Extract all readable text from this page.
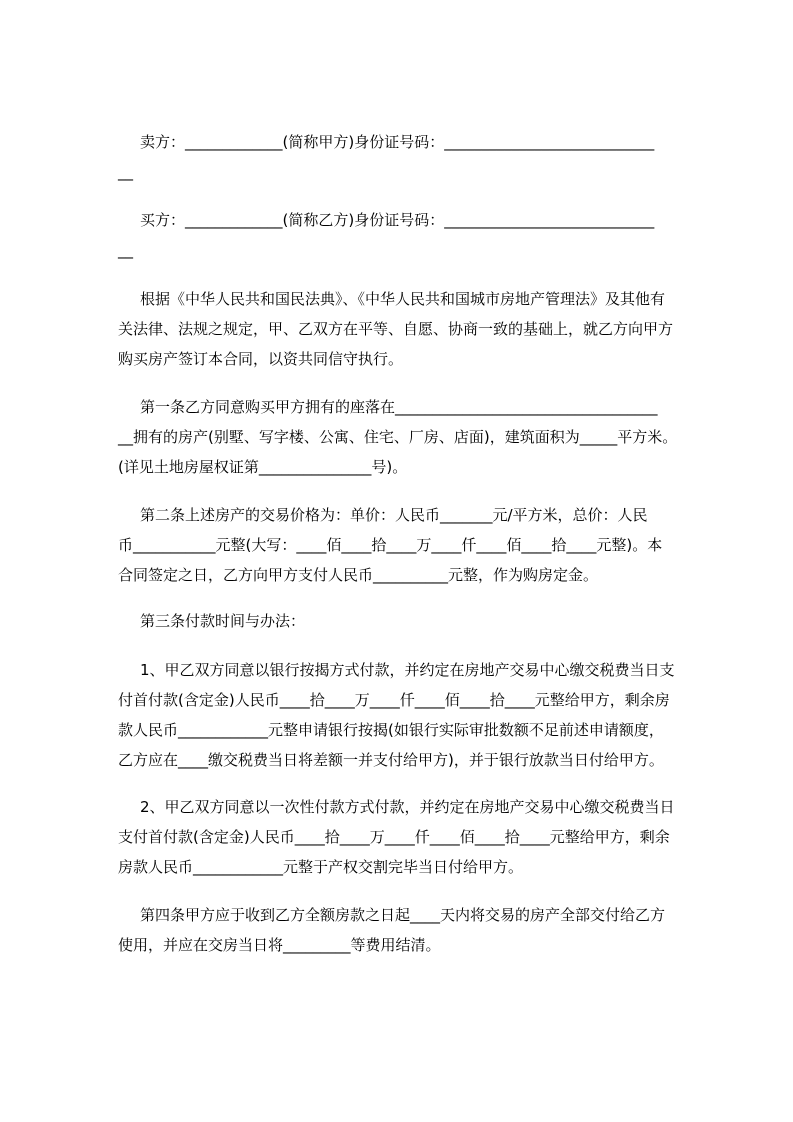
卖方：_____________(简称甲方)身份证号码：____________________________
__
买方：_____________(简称乙方)身份证号码：____________________________
__
根据《中华人民共和国民法典》、《中华人民共和国城市房地产管理法》及其他有
关法律、法规之规定，甲、乙双方在平等、自愿、协商一致的基础上，就乙方向甲方
购买房产签订本合同，以资共同信守执行。
第一条乙方同意购买甲方拥有的座落在___________________________________
__拥有的房产(别墅、写字楼、公寓、住宅、厂房、店面)，建筑面积为_____平方米。
(详见土地房屋权证第_______________号)。
第二条上述房产的交易价格为：单价：人民币_______元/平方米，总价：人民
币___________元整(大写：____佰____拾____万____仟____佰____拾____元整)。本
合同签定之日，乙方向甲方支付人民币__________元整，作为购房定金。
第三条付款时间与办法：
1、甲乙双方同意以银行按揭方式付款，并约定在房地产交易中心缴交税费当日支
付首付款(含定金)人民币____拾____万____仟____佰____拾____元整给甲方，剩余房
款人民币____________元整申请银行按揭(如银行实际审批数额不足前述申请额度，
乙方应在____缴交税费当日将差额一并支付给甲方)，并于银行放款当日付给甲方。
2、甲乙双方同意以一次性付款方式付款，并约定在房地产交易中心缴交税费当日
支付首付款(含定金)人民币____拾____万____仟____佰____拾____元整给甲方，剩余
房款人民币____________元整于产权交割完毕当日付给甲方。
第四条甲方应于收到乙方全额房款之日起____天内将交易的房产全部交付给乙方
使用，并应在交房当日将_________等费用结清。
